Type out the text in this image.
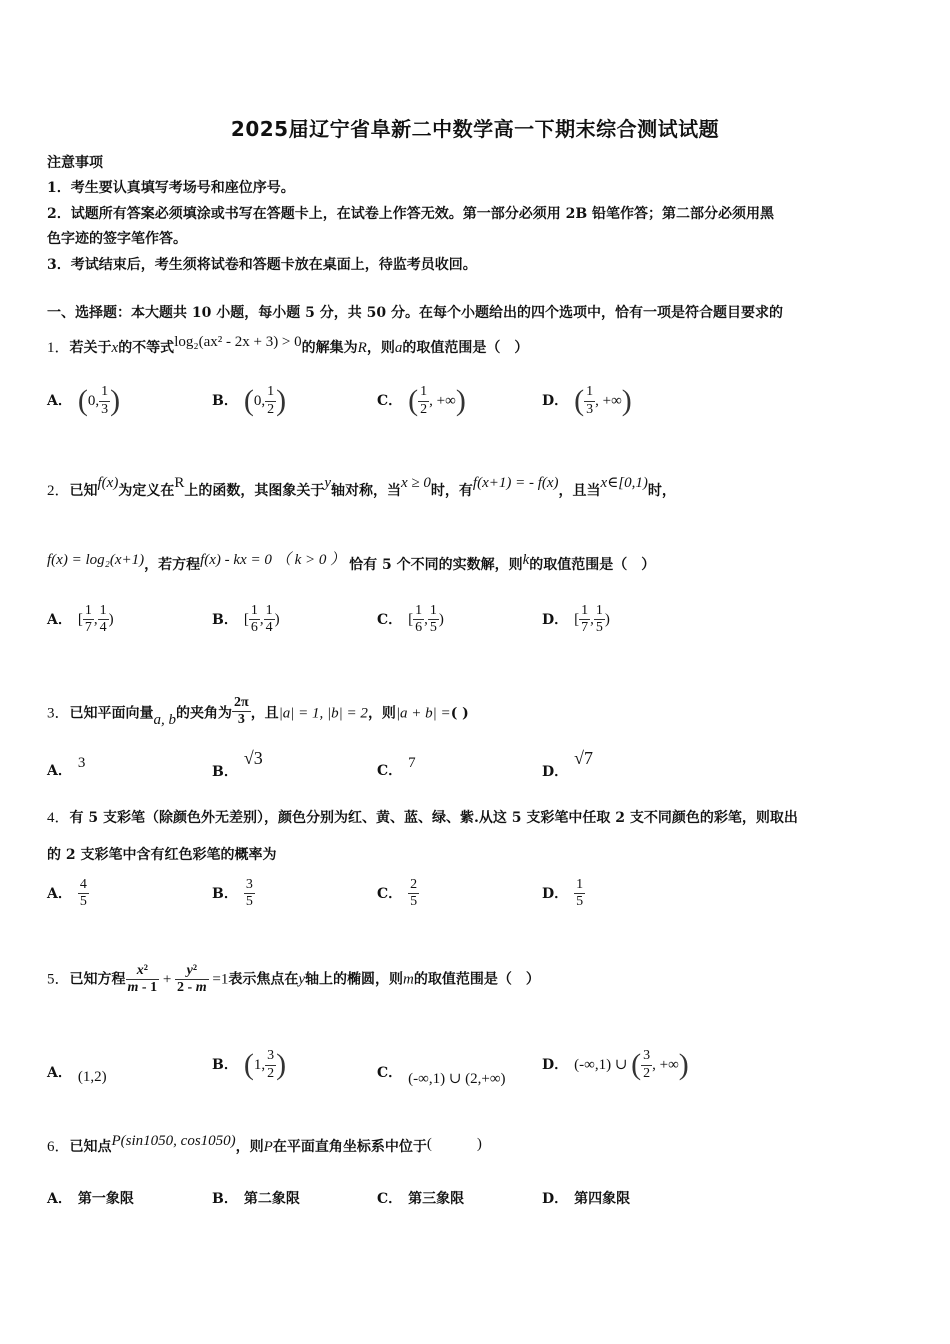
2025届辽宁省阜新二中数学高一下期末综合测试试题
注意事项
1．考生要认真填写考场号和座位序号。
2．试题所有答案必须填涂或书写在答题卡上，在试卷上作答无效。第一部分必须用 2B 铅笔作答；第二部分必须用黑
色字迹的签字笔作答。
3．考试结束后，考生须将试卷和答题卡放在桌面上，待监考员收回。
一、选择题：本大题共 10 小题，每小题 5 分，共 50 分。在每个小题给出的四个选项中，恰有一项是符合题目要求的
1．若关于x的不等式log₂(ax² - 2x + 3) > 0的解集为R，则a的取值范围是（　）
A． (0, $\frac{1}{3}$ )	B． (0, $\frac{1}{2}$ )	C． ( $\frac{1}{2}$ , +∞)	D． ( $\frac{1}{3}$ , +∞)
2．已知f(x)为定义在R上的函数，其图象关于y轴对称，当x ≥ 0时，有f(x+1) = - f(x)，且当x∈[0,1)时，
f(x) = log₂(x+1)，若方程f(x) - kx = 0 （ k > 0 ） 恰有 5 个不同的实数解，则k的取值范围是（　）
A． [ $\frac{1}{7}$ , $\frac{1}{4}$ )	B． [ $\frac{1}{6}$ , $\frac{1}{4}$ )	C． [ $\frac{1}{6}$ , $\frac{1}{5}$ )	D． [ $\frac{1}{7}$ , $\frac{1}{5}$ )
3．已知平面向量a, b的夹角为 $\frac{2\pi}{3}$ ，且|a| = 1, |b| = 2，则|a + b| =( )
A． 3
B．√3
C． 7
D．√7
4．有 5 支彩笔（除颜色外无差别），颜色分别为红、黄、蓝、绿、紫.从这 5 支彩笔中任取 2 支不同颜色的彩笔，则取出
的 2 支彩笔中含有红色彩笔的概率为
A． $\frac{4}{5}$	B． $\frac{3}{5}$	C． $\frac{2}{5}$	D． $\frac{1}{5}$
5．已知方程 $\frac{\text{x²}}{m - 1} + \frac{\text{y²}}{2 - m} =1$表示焦点在y轴上的椭圆，则m的取值范围是（　）
A． (1,2)
B． (1, $\frac{3}{2}$ )	C． (-∞,1) ∪ (2,+∞)
D． (-∞,1) ∪ ( $\frac{3}{2}$ , +∞)
6．已知点P(sin1050, cos1050)，则P在平面直角坐标系中位于(　　　)
A． 第一象限	B． 第二象限	C． 第三象限	D． 第四象限
